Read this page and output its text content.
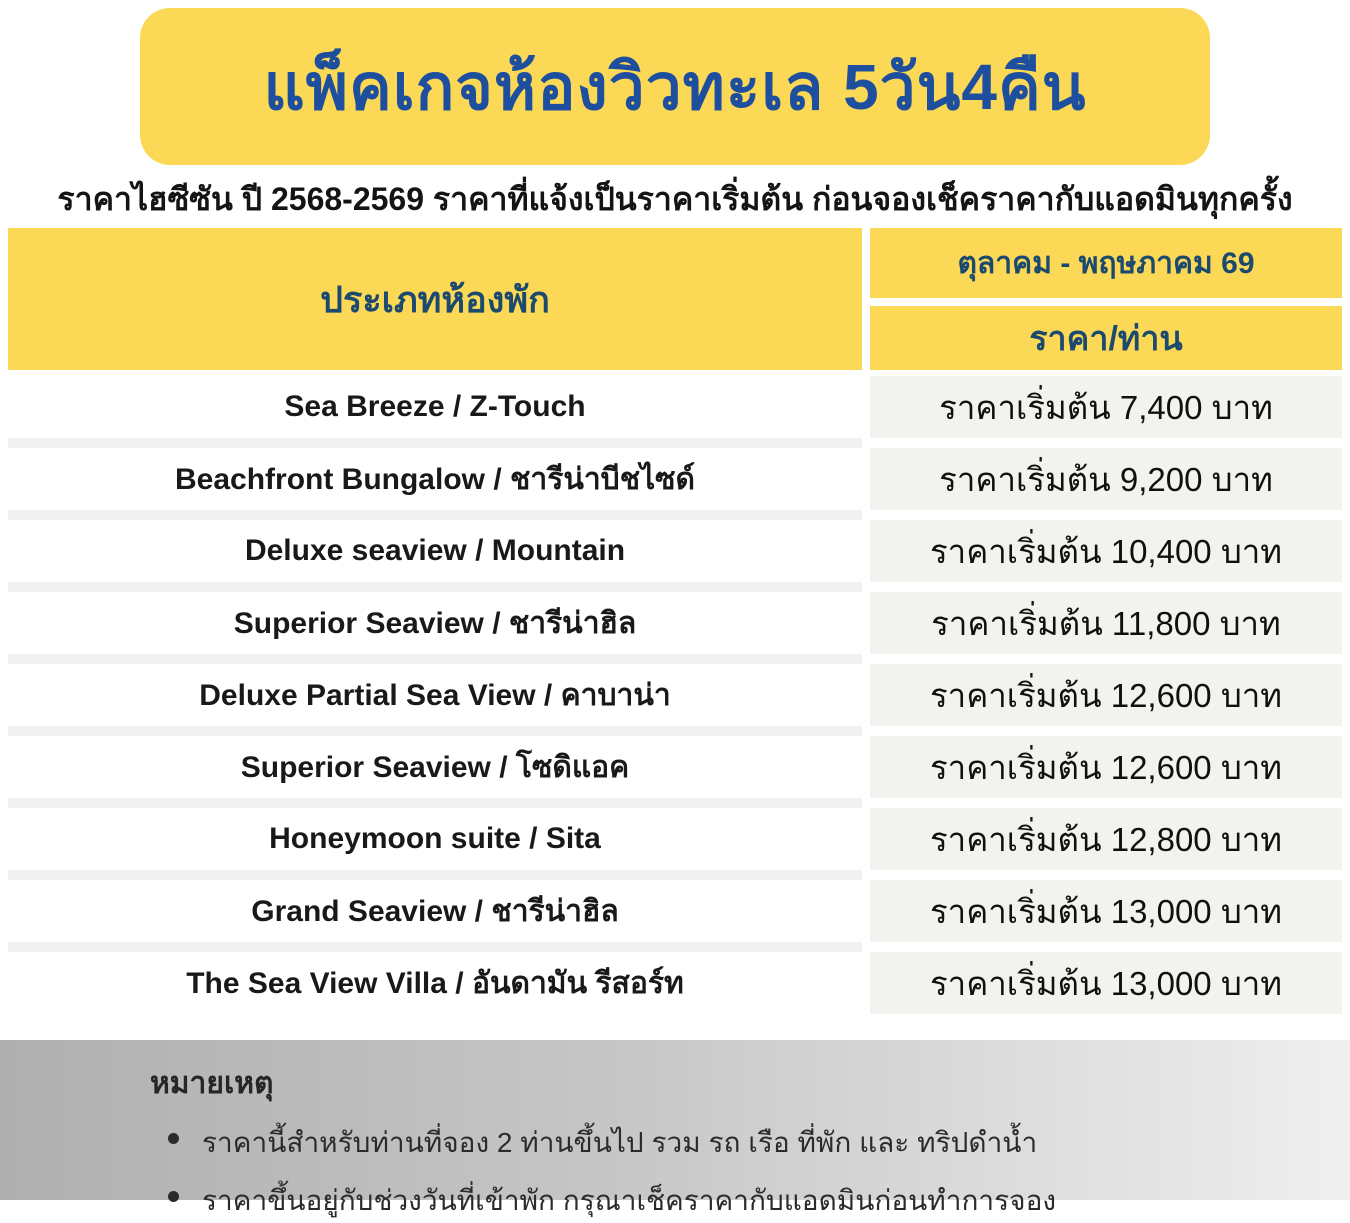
แพ็คเกจห้องวิวทะเล 5วัน4คืน
ราคาไฮซีซัน ปี 2568-2569 ราคาที่แจ้งเป็นราคาเริ่มต้น ก่อนจองเช็คราคากับแอดมินทุกครั้ง
ประเภทห้องพัก
ตุลาคม - พฤษภาคม 69
ราคา/ท่าน
Sea Breeze / Z-Touch
Beachfront Bungalow / ชารีน่าบีชไซด์
Deluxe seaview / Mountain
Superior Seaview / ชารีน่าฮิล
Deluxe Partial Sea View / คาบาน่า
Superior Seaview / โซดิแอค
Honeymoon suite / Sita
Grand Seaview / ชารีน่าฮิล
The Sea View Villa / อันดามัน รีสอร์ท
ราคาเริ่มต้น 7,400 บาท
ราคาเริ่มต้น 9,200 บาท
ราคาเริ่มต้น 10,400 บาท
ราคาเริ่มต้น 11,800 บาท
ราคาเริ่มต้น 12,600 บาท
ราคาเริ่มต้น 12,600 บาท
ราคาเริ่มต้น 12,800 บาท
ราคาเริ่มต้น 13,000 บาท
ราคาเริ่มต้น 13,000 บาท
หมายเหตุ
ราคานี้สำหรับท่านที่จอง 2 ท่านขึ้นไป รวม รถ เรือ ที่พัก และ ทริปดำน้ำ
ราคาขึ้นอยู่กับช่วงวันที่เข้าพัก กรุณาเช็คราคากับแอดมินก่อนทำการจอง
